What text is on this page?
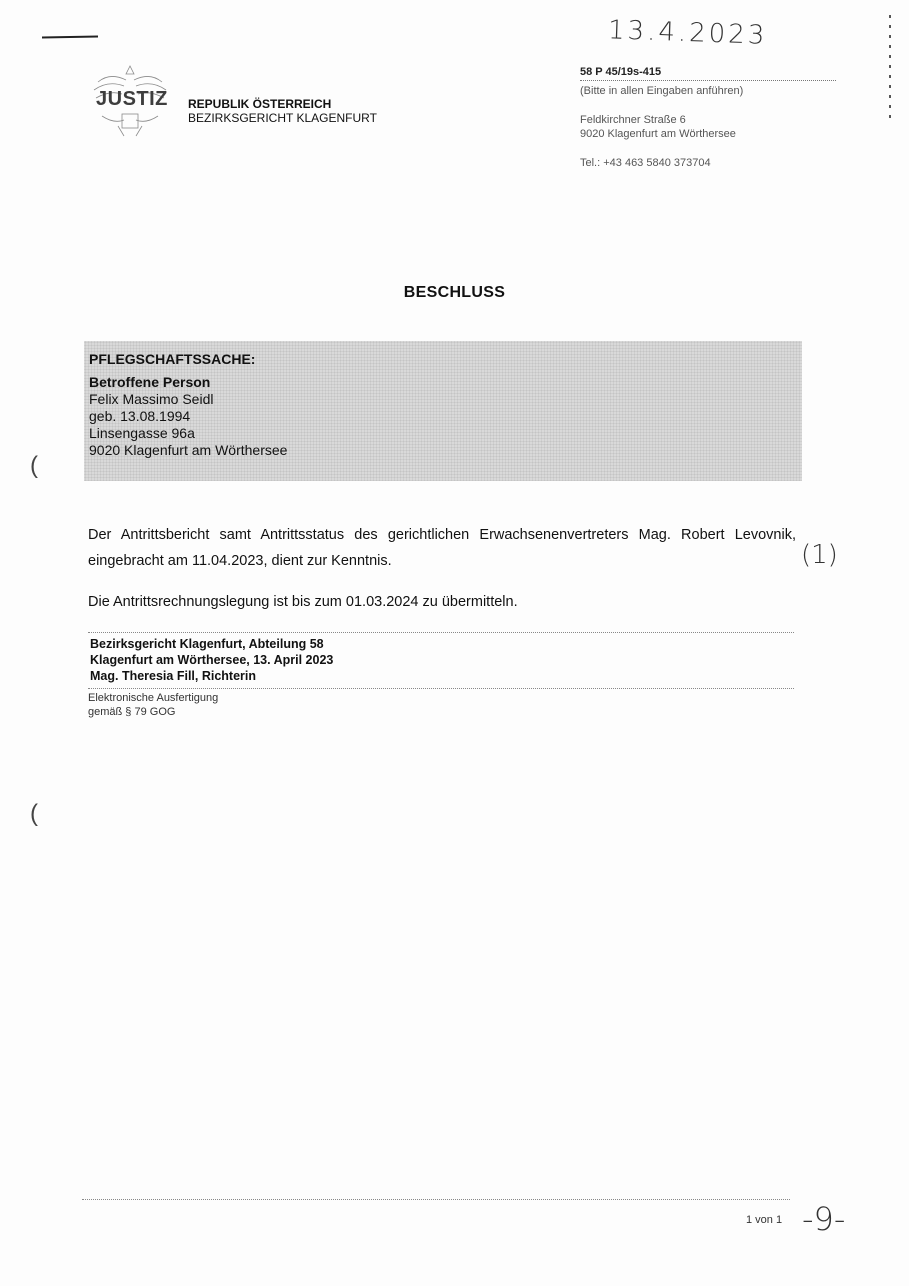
13.4.2023
JUSTIZ REPUBLIK ÖSTERREICH
BEZIRKSGERICHT KLAGENFURT
58 P 45/19s-415
(Bitte in allen Eingaben anführen)
Feldkirchner Straße 6
9020 Klagenfurt am Wörthersee
Tel.: +43 463 5840 373704
BESCHLUSS
PFLEGSCHAFTSSACHE:
Betroffene Person
Felix Massimo Seidl
geb. 13.08.1994
Linsengasse 96a
9020 Klagenfurt am Wörthersee
(
(
Der Antrittsbericht samt Antrittsstatus des gerichtlichen Erwachsenenvertreters Mag. Robert Levovnik, eingebracht am 11.04.2023, dient zur Kenntnis.	(1)
Die Antrittsrechnungslegung ist bis zum 01.03.2024 zu übermitteln.
Bezirksgericht Klagenfurt, Abteilung 58
Klagenfurt am Wörthersee, 13. April 2023
Mag. Theresia Fill, Richterin
Elektronische Ausfertigung
gemäß § 79 GOG
1 von 1 -9-
